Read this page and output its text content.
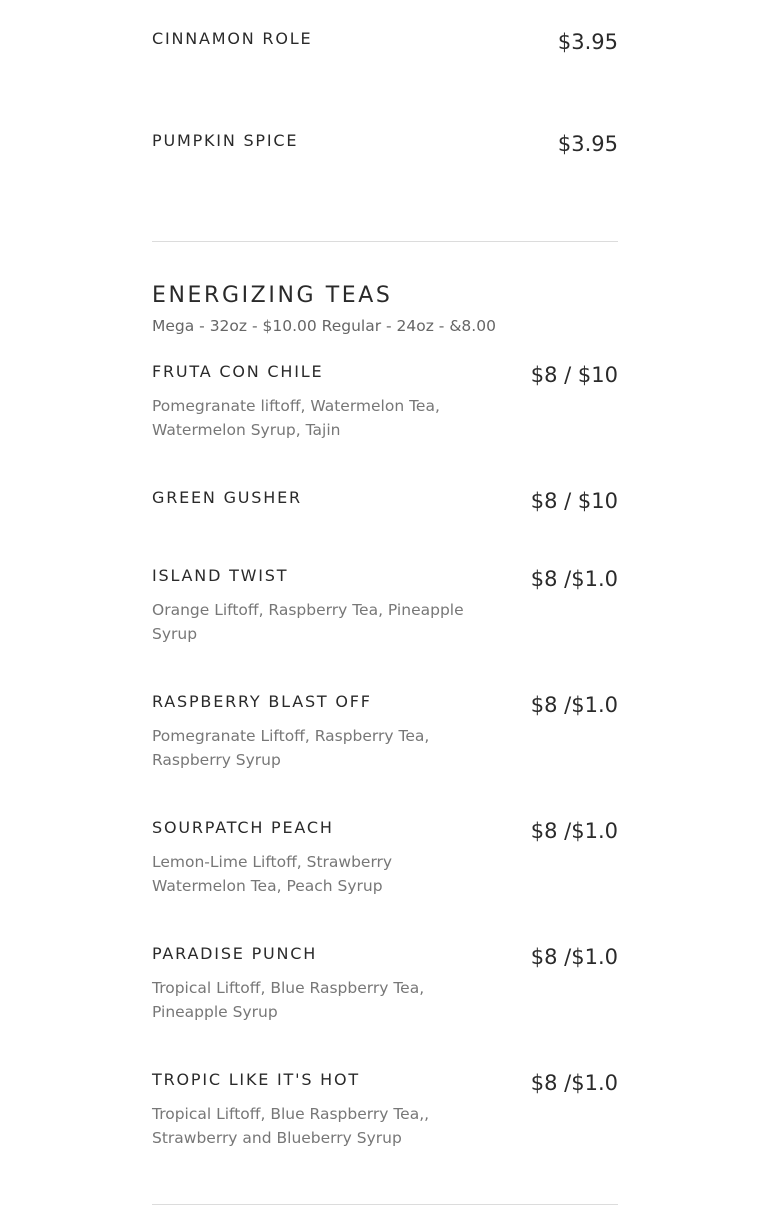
CINNAMON ROLE	$3.95
PUMPKIN SPICE	$3.95
ENERGIZING TEAS
Mega - 32oz - $10.00 Regular - 24oz - &8.00
FRUTA CON CHILE	$8 / $10
Pomegranate liftoff, Watermelon Tea, Watermelon Syrup, Tajin
GREEN GUSHER	$8 / $10
ISLAND TWIST	$8 /$1.0
Orange Liftoff, Raspberry Tea, Pineapple Syrup
RASPBERRY BLAST OFF	$8 /$1.0
Pomegranate Liftoff, Raspberry Tea, Raspberry Syrup
SOURPATCH PEACH	$8 /$1.0
Lemon-Lime Liftoff, Strawberry Watermelon Tea, Peach Syrup
PARADISE PUNCH	$8 /$1.0
Tropical Liftoff, Blue Raspberry Tea, Pineapple Syrup
TROPIC LIKE IT'S HOT	$8 /$1.0
Tropical Liftoff, Blue Raspberry Tea,, Strawberry and Blueberry Syrup
